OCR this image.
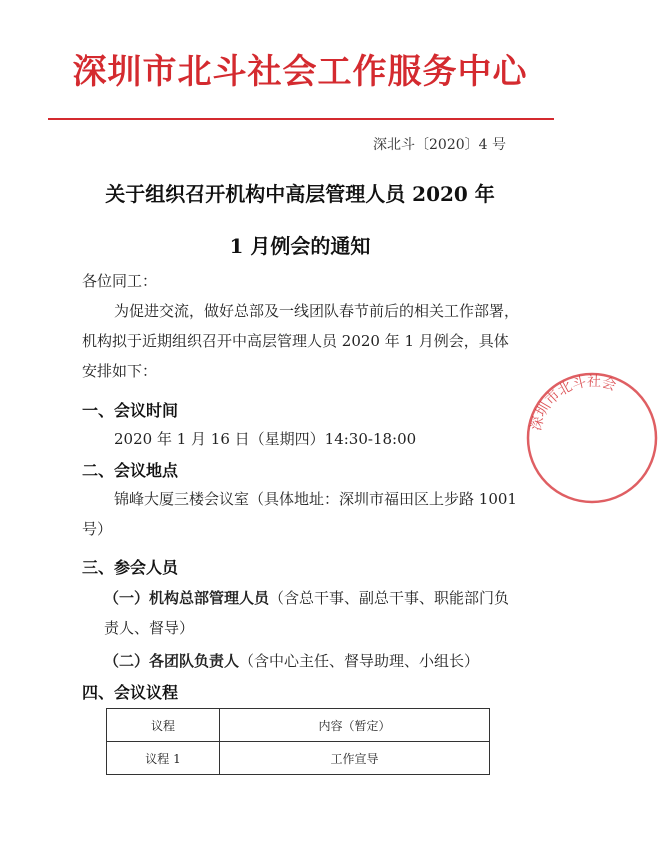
深圳市北斗社会工作服务中心
深北斗〔2020〕4 号
关于组织召开机构中高层管理人员 2020 年
1 月例会的通知
各位同工：
为促进交流，做好总部及一线团队春节前后的相关工作部署，机构拟于近期组织召开中高层管理人员 2020 年 1 月例会，具体安排如下：
一、会议时间
2020 年 1 月 16 日（星期四）14:30-18:00
二、会议地点
锦峰大厦三楼会议室（具体地址：深圳市福田区上步路 1001 号）
三、参会人员
（一）机构总部管理人员（含总干事、副总干事、职能部门负责人、督导）
（二）各团队负责人（含中心主任、督导助理、小组长）
四、会议议程
议程	内容（暂定）
议程 1	工作宣导
深圳市北斗社会
